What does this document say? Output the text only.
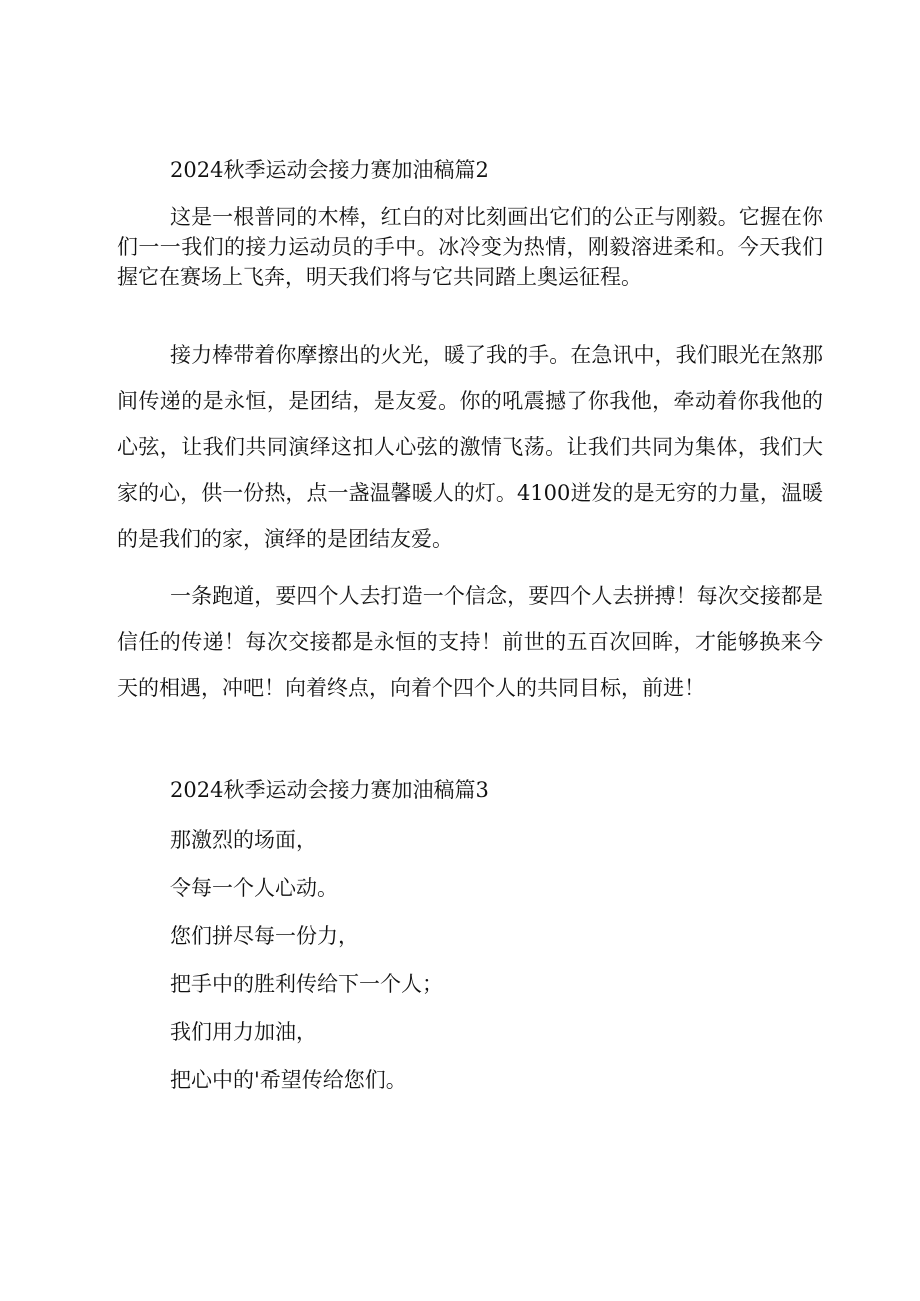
2024秋季运动会接力赛加油稿篇2
这是一根普同的木棒，红白的对比刻画出它们的公正与刚毅。它握在你们一一我们的接力运动员的手中。冰冷变为热情，刚毅溶进柔和。今天我们握它在赛场上飞奔，明天我们将与它共同踏上奥运征程。
接力棒带着你摩擦出的火光，暖了我的手。在急讯中，我们眼光在煞那间传递的是永恒，是团结，是友爱。你的吼震撼了你我他，牵动着你我他的心弦，让我们共同演绎这扣人心弦的激情飞荡。让我们共同为集体，我们大家的心，供一份热，点一盏温馨暖人的灯。4100迸发的是无穷的力量，温暖的是我们的家，演绎的是团结友爱。
一条跑道，要四个人去打造一个信念，要四个人去拼搏！每次交接都是信任的传递！每次交接都是永恒的支持！前世的五百次回眸，才能够换来今天的相遇，冲吧！向着终点，向着个四个人的共同目标，前进！
2024秋季运动会接力赛加油稿篇3
那激烈的场面，
令每一个人心动。
您们拼尽每一份力，
把手中的胜利传给下一个人；
我们用力加油，
把心中的'希望传给您们。
